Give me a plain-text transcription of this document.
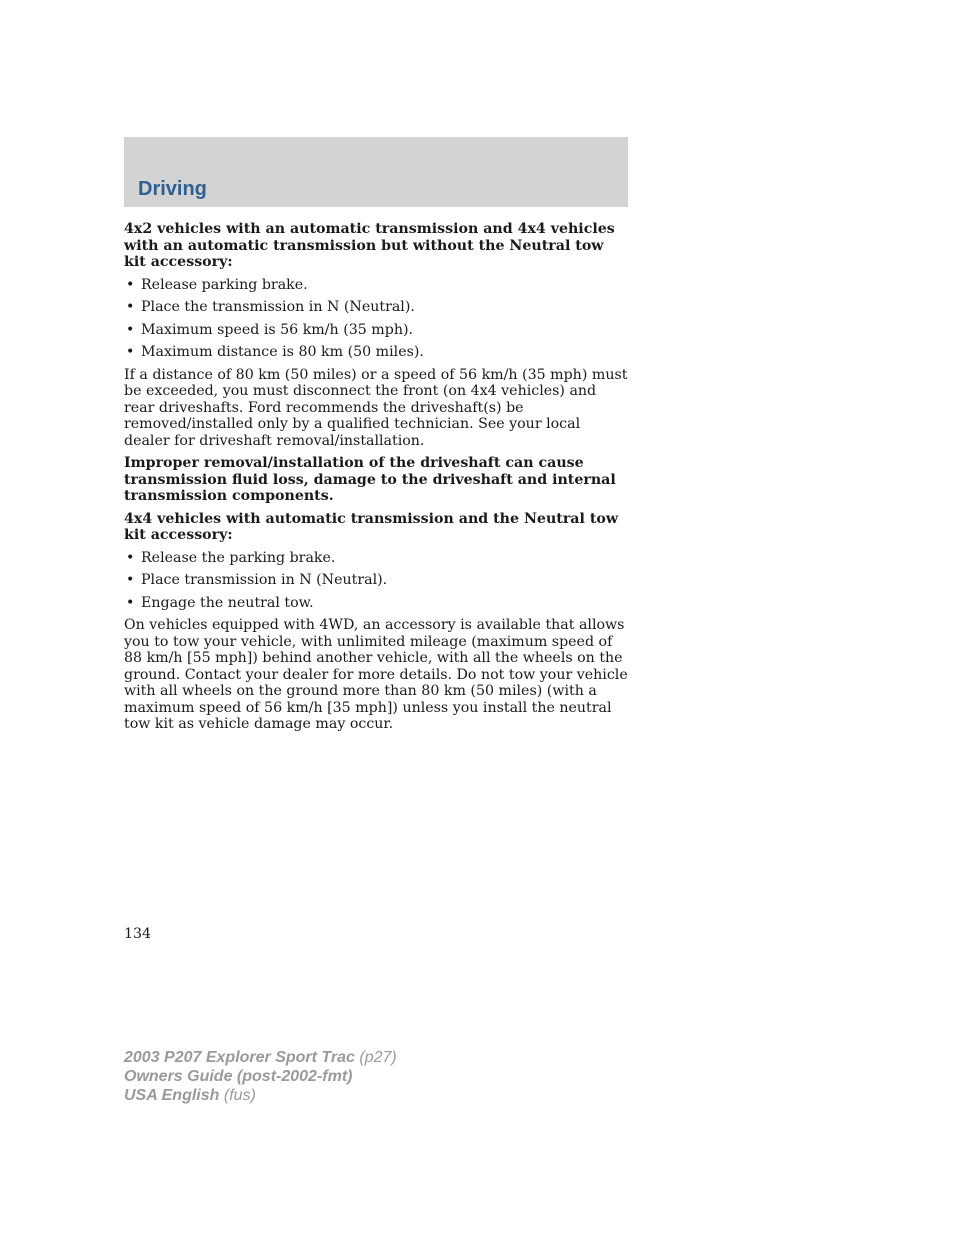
Driving

4x2 vehicles with an automatic transmission and 4x4 vehicles with an automatic transmission but without the Neutral tow kit accessory:

• Release parking brake.
• Place the transmission in N (Neutral).
• Maximum speed is 56 km/h (35 mph).
• Maximum distance is 80 km (50 miles).

If a distance of 80 km (50 miles) or a speed of 56 km/h (35 mph) must be exceeded, you must disconnect the front (on 4x4 vehicles) and rear driveshafts. Ford recommends the driveshaft(s) be removed/installed only by a qualified technician. See your local dealer for driveshaft removal/installation.

Improper removal/installation of the driveshaft can cause transmission fluid loss, damage to the driveshaft and internal transmission components.

4x4 vehicles with automatic transmission and the Neutral tow kit accessory:

• Release the parking brake.
• Place transmission in N (Neutral).
• Engage the neutral tow.

On vehicles equipped with 4WD, an accessory is available that allows you to tow your vehicle, with unlimited mileage (maximum speed of 88 km/h [55 mph]) behind another vehicle, with all the wheels on the ground. Contact your dealer for more details. Do not tow your vehicle with all wheels on the ground more than 80 km (50 miles) (with a maximum speed of 56 km/h [35 mph]) unless you install the neutral tow kit as vehicle damage may occur.

134
2003 P207 Explorer Sport Trac (p27)
Owners Guide (post-2002-fmt)
USA English (fus)
